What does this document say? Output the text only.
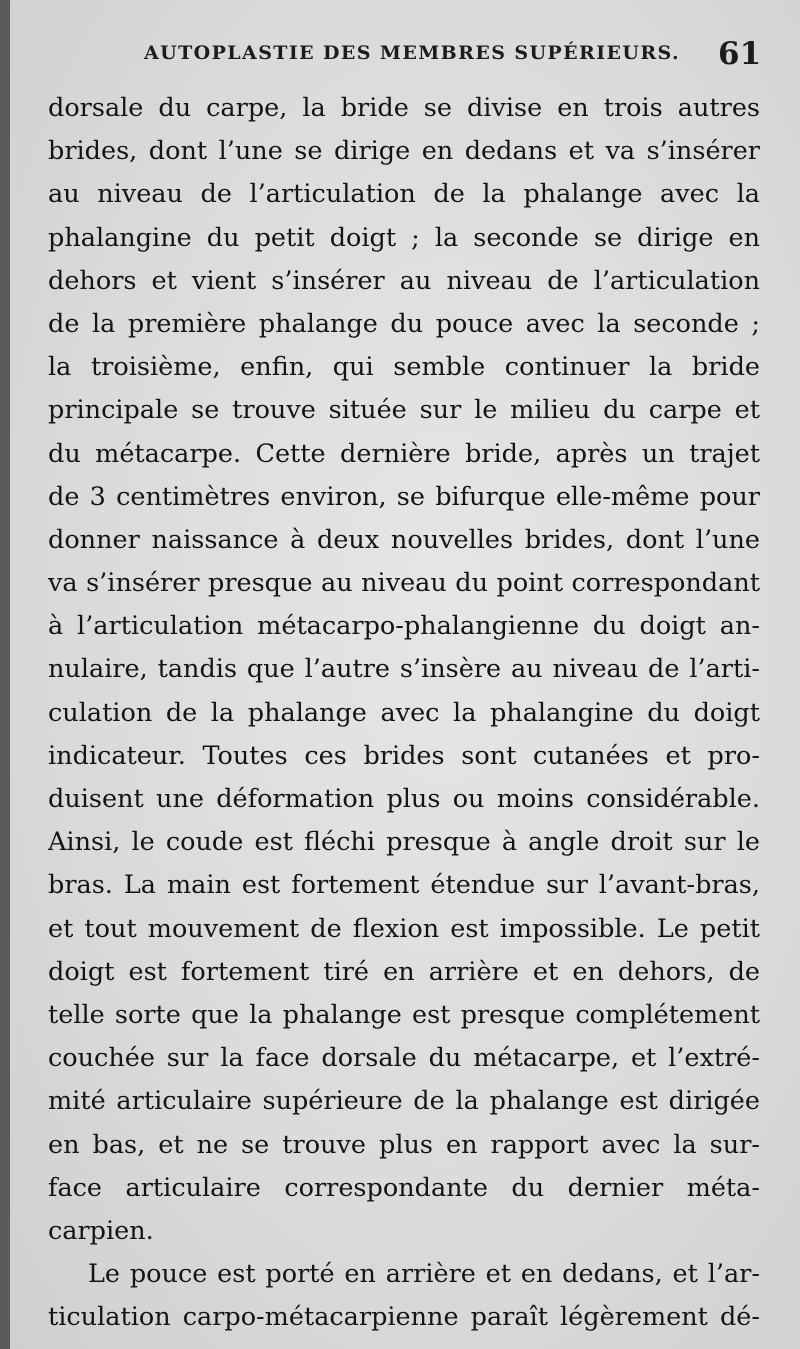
AUTOPLASTIE DES MEMBRES SUPÉRIEURS. 61
dorsale du carpe, la bride se divise en trois autres
brides, dont l’une se dirige en dedans et va s’insérer
au niveau de l’articulation de la phalange avec la
phalangine du petit doigt ; la seconde se dirige en
dehors et vient s’insérer au niveau de l’articulation
de la première phalange du pouce avec la seconde ;
la troisième, enfin, qui semble continuer la bride
principale se trouve située sur le milieu du carpe et
du métacarpe. Cette dernière bride, après un trajet
de 3 centimètres environ, se bifurque elle-même pour
donner naissance à deux nouvelles brides, dont l’une
va s’insérer presque au niveau du point correspondant
à l’articulation métacarpo-phalangienne du doigt an-
nulaire, tandis que l’autre s’insère au niveau de l’arti-
culation de la phalange avec la phalangine du doigt
indicateur. Toutes ces brides sont cutanées et pro-
duisent une déformation plus ou moins considérable.
Ainsi, le coude est fléchi presque à angle droit sur le
bras. La main est fortement étendue sur l’avant-bras,
et tout mouvement de flexion est impossible. Le petit
doigt est fortement tiré en arrière et en dehors, de
telle sorte que la phalange est presque complétement
couchée sur la face dorsale du métacarpe, et l’extré-
mité articulaire supérieure de la phalange est dirigée
en bas, et ne se trouve plus en rapport avec la sur-
face articulaire correspondante du dernier méta-
carpien.
Le pouce est porté en arrière et en dedans, et l’ar-
ticulation carpo-métacarpienne paraît légèrement dé-
